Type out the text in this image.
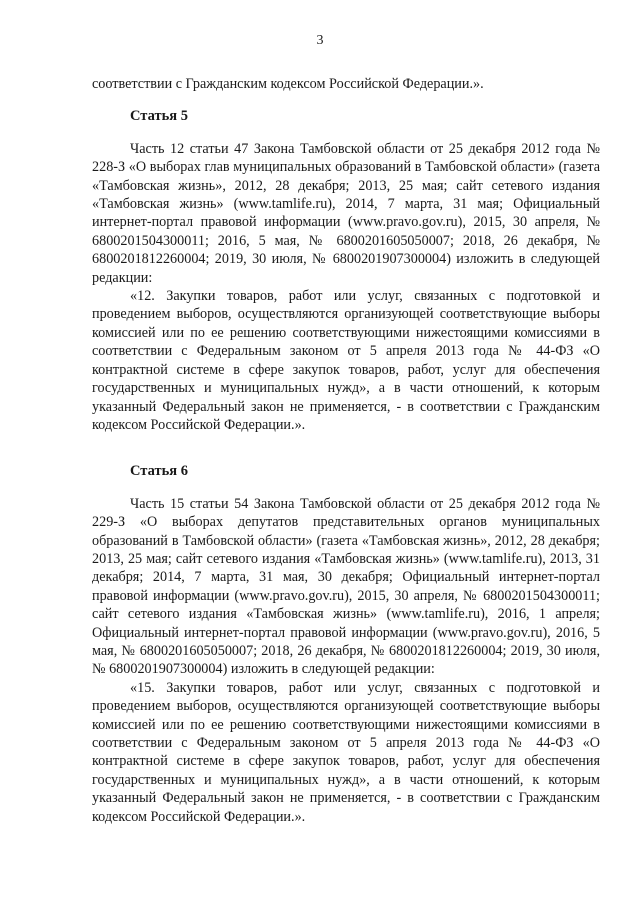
3

соответствии с Гражданским кодексом Российской Федерации.».

Статья 5

Часть 12 статьи 47 Закона Тамбовской области от 25 декабря 2012 года № 228-З «О выборах глав муниципальных образований в Тамбовской области» (газета «Тамбовская жизнь», 2012, 28 декабря; 2013, 25 мая; сайт сетевого издания «Тамбовская жизнь» (www.tamlife.ru), 2014, 7 марта, 31 мая; Официальный интернет-портал правовой информации (www.pravo.gov.ru), 2015, 30 апреля, № 6800201504300011; 2016, 5 мая, № 6800201605050007; 2018, 26 декабря, № 6800201812260004; 2019, 30 июля, № 6800201907300004) изложить в следующей редакции:

«12. Закупки товаров, работ или услуг, связанных с подготовкой и проведением выборов, осуществляются организующей соответствующие выборы комиссией или по ее решению соответствующими нижестоящими комиссиями в соответствии с Федеральным законом от 5 апреля 2013 года № 44-ФЗ «О контрактной системе в сфере закупок товаров, работ, услуг для обеспечения государственных и муниципальных нужд», а в части отношений, к которым указанный Федеральный закон не применяется, - в соответствии с Гражданским кодексом Российской Федерации.».

Статья 6

Часть 15 статьи 54 Закона Тамбовской области от 25 декабря 2012 года № 229-З «О выборах депутатов представительных органов муниципальных образований в Тамбовской области» (газета «Тамбовская жизнь», 2012, 28 декабря; 2013, 25 мая; сайт сетевого издания «Тамбовская жизнь» (www.tamlife.ru), 2013, 31 декабря; 2014, 7 марта, 31 мая, 30 декабря; Официальный интернет-портал правовой информации (www.pravo.gov.ru), 2015, 30 апреля, № 6800201504300011; сайт сетевого издания «Тамбовская жизнь» (www.tamlife.ru), 2016, 1 апреля; Официальный интернет-портал правовой информации (www.pravo.gov.ru), 2016, 5 мая, № 6800201605050007; 2018, 26 декабря, № 6800201812260004; 2019, 30 июля, № 6800201907300004) изложить в следующей редакции:

«15. Закупки товаров, работ или услуг, связанных с подготовкой и проведением выборов, осуществляются организующей соответствующие выборы комиссией или по ее решению соответствующими нижестоящими комиссиями в соответствии с Федеральным законом от 5 апреля 2013 года № 44-ФЗ «О контрактной системе в сфере закупок товаров, работ, услуг для обеспечения государственных и муниципальных нужд», а в части отношений, к которым указанный Федеральный закон не применяется, - в соответствии с Гражданским кодексом Российской Федерации.».
